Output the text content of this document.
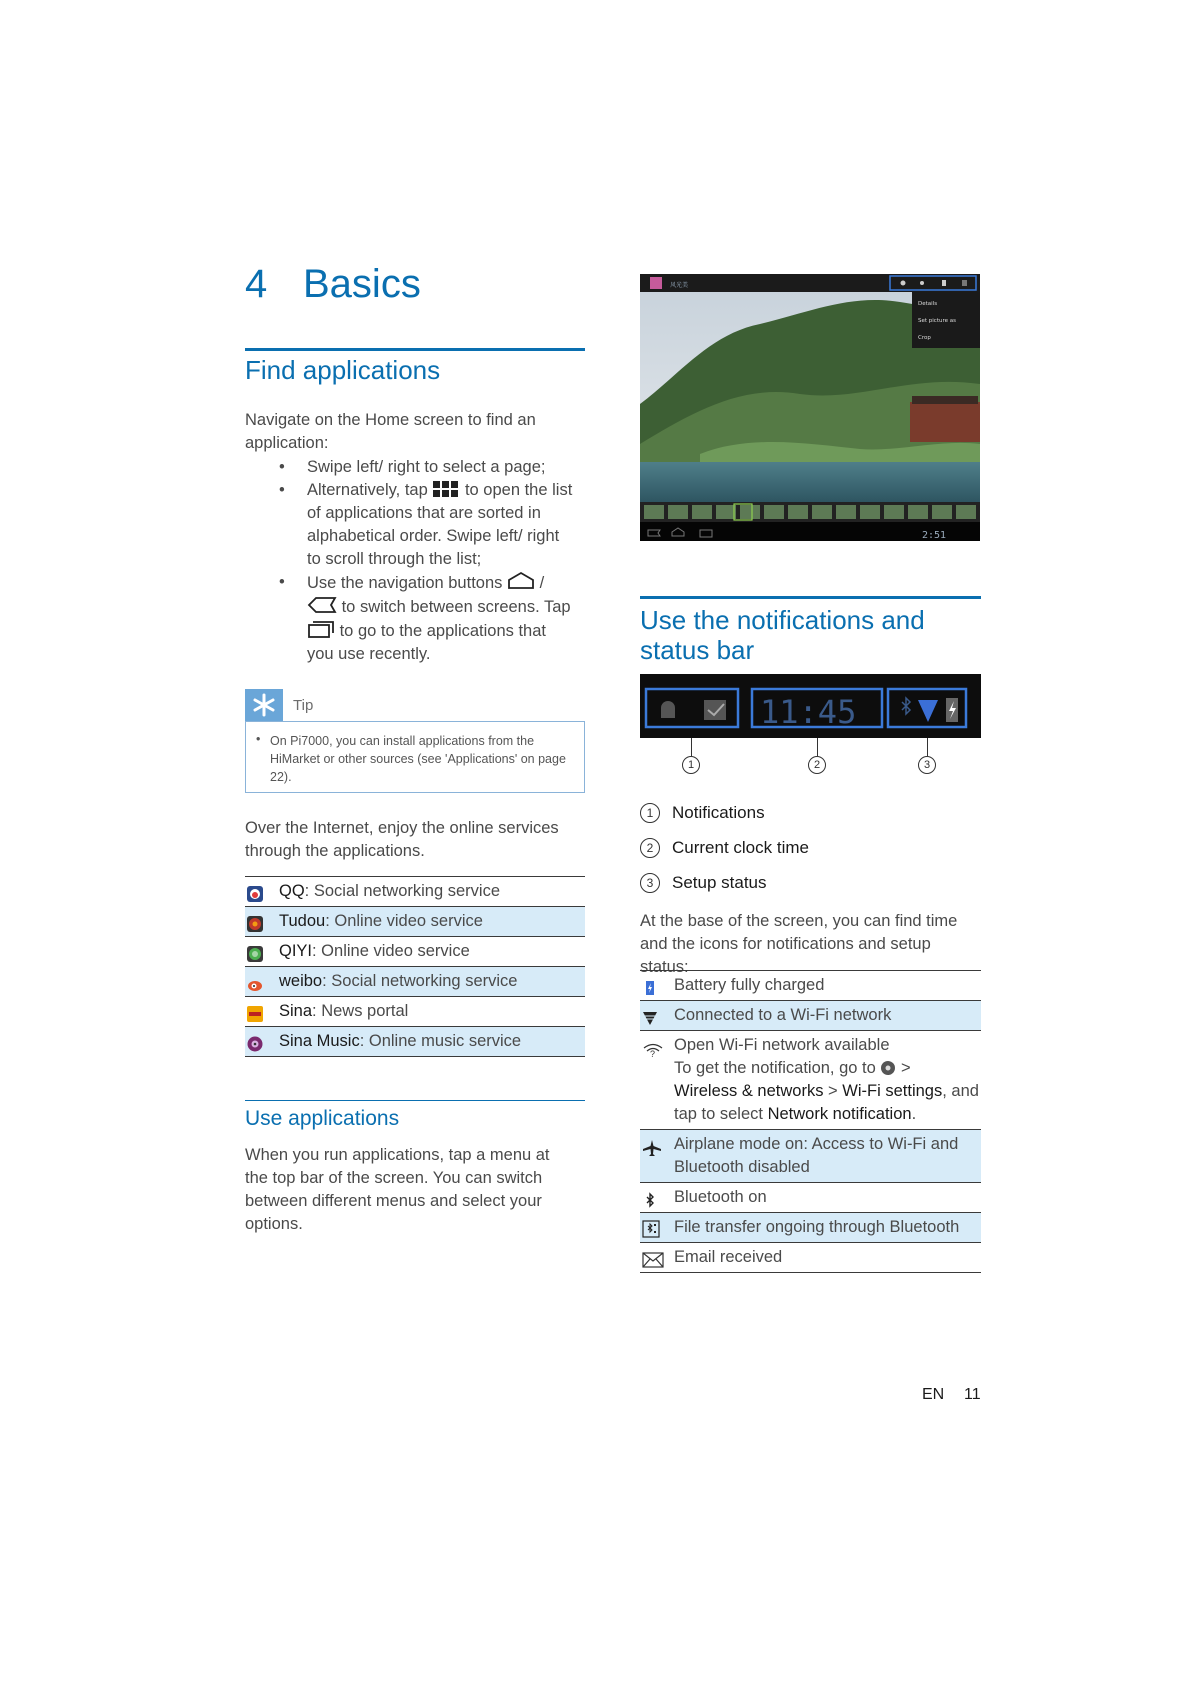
4 Basics
Find applications
Navigate on the Home screen to find an application:
• Swipe left/ right to select a page;
• Alternatively, tap to open the list of applications that are sorted in alphabetical order. Swipe left/ right to scroll through the list;
• Use the navigation buttons /  to switch between screens. Tap  to go to the applications that you use recently.
Tip
• On Pi7000, you can install applications from the HiMarket or other sources (see 'Applications' on page 22).
Over the Internet, enjoy the online services through the applications.
QQ: Social networking service
Tudou: Online video service
QIYI: Online video service
weibo: Social networking service
Sina: News portal
Sina Music: Online music service
Use applications
When you run applications, tap a menu at the top bar of the screen. You can switch between different menus and select your options.
风光美
Details
Set picture as
Crop
2:51
Use the notifications and
status bar
11:45
1	2	3
1 Notifications
2 Current clock time
3 Setup status
At the base of the screen, you can find time and the icons for notifications and setup status:
Battery fully charged
Connected to a Wi-Fi network
?	Open Wi-Fi network available
To get the notification, go to >
Wireless & networks > Wi-Fi settings, and tap to select Network notification.
Airplane mode on: Access to Wi-Fi and Bluetooth disabled
Bluetooth on
File transfer ongoing through Bluetooth
Email received
EN 11
